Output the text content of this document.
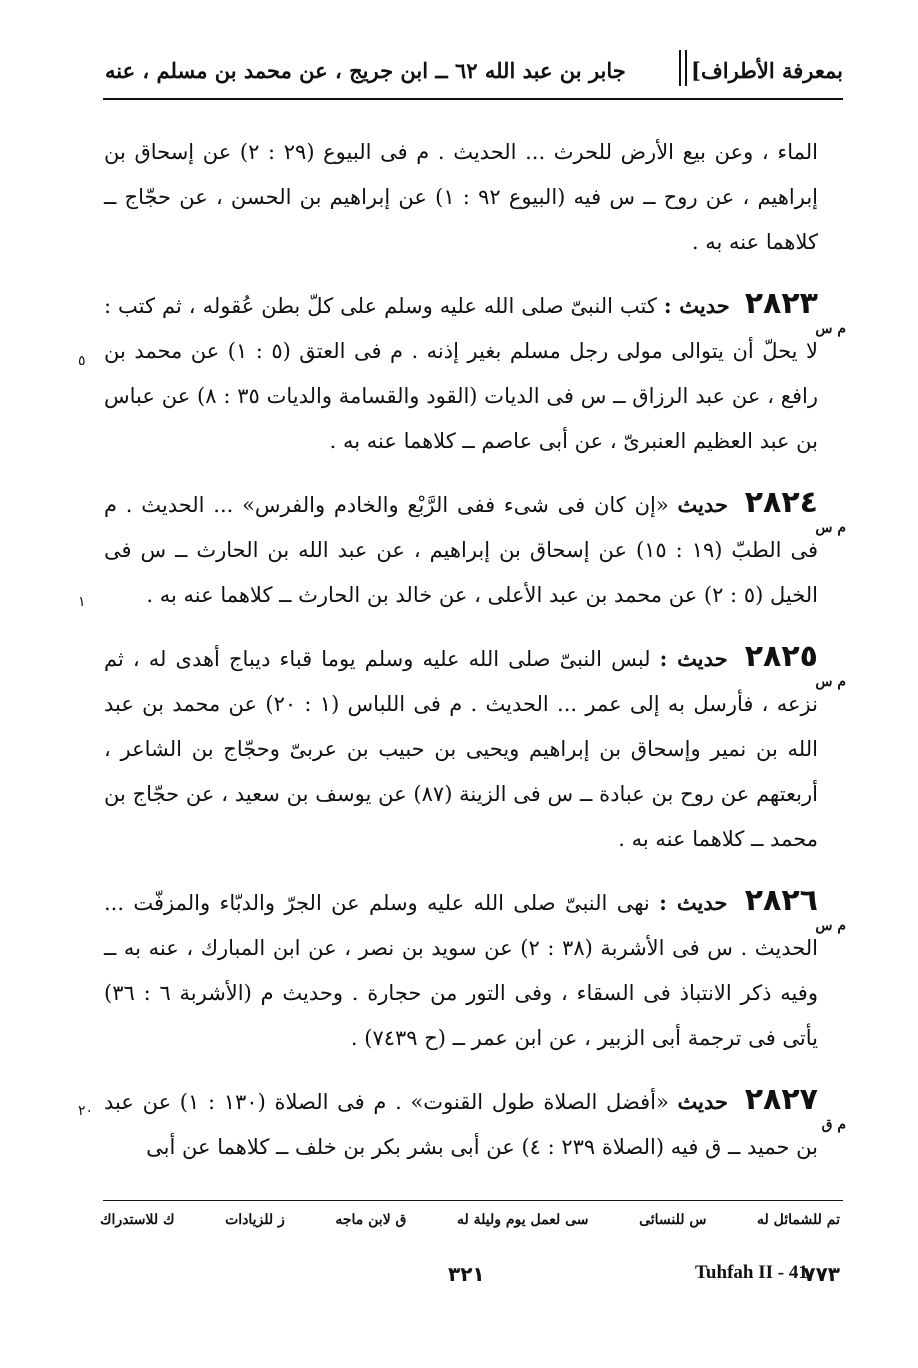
بمعرفة الأطراف]
جابر بن عبد الله ٦٢ ــ ابن جريج ، عن محمد بن مسلم ، عنه

الماء ، وعن بيع الأرض للحرث ... الحديث . م فى البيوع (٢٩ : ٢) عن إسحاق بن إبراهيم ، عن روح ــ س فيه (البيوع ٩٢ : ١) عن إبراهيم بن الحسن ، عن حجّاج ــ كلاهما عنه به .

م س
٥

٢٨٢٣ حديث : كتب النبىّ صلى الله عليه وسلم على كلّ بطن عُقوله ، ثم كتب : لا يحلّ أن يتوالى مولى رجل مسلم بغير إذنه . م فى العتق (٥ : ١) عن محمد بن رافع ، عن عبد الرزاق ــ س فى الديات (القود والقسامة والديات ٣٥ : ٨) عن عباس بن عبد العظيم العنبرىّ ، عن أبى عاصم ــ كلاهما عنه به .

م س
١

٢٨٢٤ حديث «إن كان فى شىء ففى الرَّبْع والخادم والفرس» ... الحديث . م فى الطبّ (١٩ : ١٥) عن إسحاق بن إبراهيم ، عن عبد الله بن الحارث ــ س فى الخيل (٥ : ٢) عن محمد بن عبد الأعلى ، عن خالد بن الحارث ــ كلاهما عنه به .

م س

٢٨٢٥ حديث : لبس النبىّ صلى الله عليه وسلم يوما قباء ديباج أهدى له ، ثم نزعه ، فأرسل به إلى عمر ... الحديث . م فى اللباس (١ : ٢٠) عن محمد بن عبد الله بن نمير وإسحاق بن إبراهيم ويحيى بن حبيب بن عربىّ وحجّاج بن الشاعر ، أربعتهم عن روح بن عبادة ــ س فى الزينة (٨٧) عن يوسف بن سعيد ، عن حجّاج بن محمد ــ كلاهما عنه به .

م س

٢٨٢٦ حديث : نهى النبىّ صلى الله عليه وسلم عن الجرّ والدبّاء والمزفّت ... الحديث . س فى الأشربة (٣٨ : ٢) عن سويد بن نصر ، عن ابن المبارك ، عنه به ــ وفيه ذكر الانتباذ فى السقاء ، وفى التور من حجارة . وحديث م (الأشربة ٦ : ٣٦) يأتى فى ترجمة أبى الزبير ، عن ابن عمر ــ (ح ٧٤٣٩) .

م ق
٢٠	٢٨٢٧ حديث «أفضل الصلاة طول القنوت» . م فى الصلاة (١٣٠ : ١) عن عبد بن حميد ــ ق فيه (الصلاة ٢٣٩ : ٤) عن أبى بشر بكر بن خلف ــ كلاهما عن أبى

تم للشمائل له
س للنسائى
سى لعمل يوم وليلة له
ق لابن ماجه
ز للزيادات
ك للاستدراك
٧٧٣
٣٢١	Tuhfah II - 41
